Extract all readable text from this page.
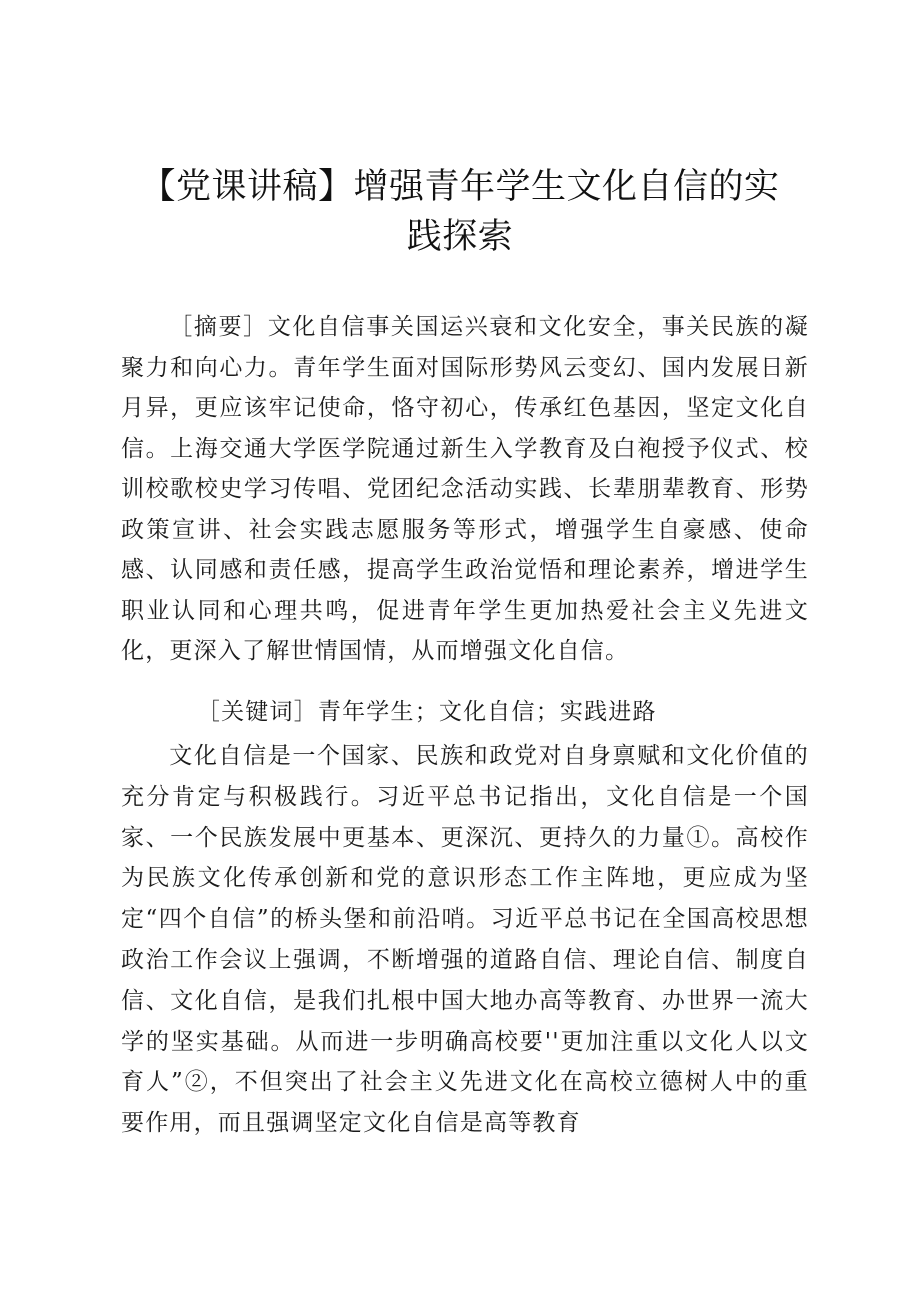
【党课讲稿】增强青年学生文化自信的实践探索

［摘要］文化自信事关国运兴衰和文化安全，事关民族的凝聚力和向心力。青年学生面对国际形势风云变幻、国内发展日新月异，更应该牢记使命，恪守初心，传承红色基因，坚定文化自信。上海交通大学医学院通过新生入学教育及白袍授予仪式、校训校歌校史学习传唱、党团纪念活动实践、长辈朋辈教育、形势政策宣讲、社会实践志愿服务等形式，增强学生自豪感、使命感、认同感和责任感，提高学生政治觉悟和理论素养，增进学生职业认同和心理共鸣，促进青年学生更加热爱社会主义先进文化，更深入了解世情国情，从而增强文化自信。

［关键词］青年学生；文化自信；实践进路

文化自信是一个国家、民族和政党对自身禀赋和文化价值的充分肯定与积极践行。习近平总书记指出，文化自信是一个国家、一个民族发展中更基本、更深沉、更持久的力量①。高校作为民族文化传承创新和党的意识形态工作主阵地，更应成为坚定“四个自信”的桥头堡和前沿哨。习近平总书记在全国高校思想政治工作会议上强调，不断增强的道路自信、理论自信、制度自信、文化自信，是我们扎根中国大地办高等教育、办世界一流大学的坚实基础。从而进一步明确高校要''更加注重以文化人以文育人”②，不但突出了社会主义先进文化在高校立德树人中的重要作用，而且强调坚定文化自信是高等教育
